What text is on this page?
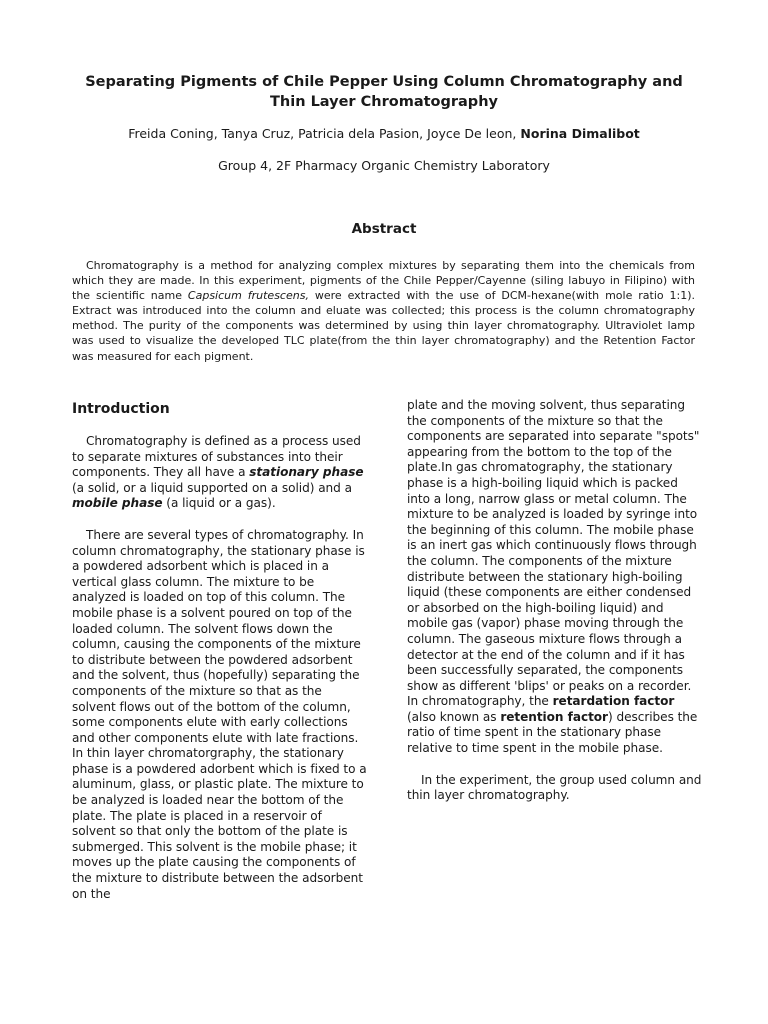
Separating Pigments of Chile Pepper Using Column Chromatography and Thin Layer Chromatography
Freida Coning, Tanya Cruz, Patricia dela Pasion, Joyce De leon, Norina Dimalibot
Group 4, 2F Pharmacy Organic Chemistry Laboratory
Abstract

Chromatography is a method for analyzing complex mixtures by separating them into the chemicals from which they are made. In this experiment, pigments of the Chile Pepper/Cayenne (siling labuyo in Filipino) with the scientific name Capsicum frutescens, were extracted with the use of DCM-hexane(with mole ratio 1:1). Extract was introduced into the column and eluate was collected; this process is the column chromatography method. The purity of the components was determined by using thin layer chromatography. Ultraviolet lamp was used to visualize the developed TLC plate(from the thin layer chromatography) and the Retention Factor was measured for each pigment.

Introduction

Chromatography is defined as a process used to separate mixtures of substances into their components. They all have a stationary phase (a solid, or a liquid supported on a solid) and a mobile phase (a liquid or a gas).

There are several types of chromatography. In column chromatography, the stationary phase is a powdered adsorbent which is placed in a vertical glass column. The mixture to be analyzed is loaded on top of this column. The mobile phase is a solvent poured on top of the loaded column. The solvent flows down the column, causing the components of the mixture to distribute between the powdered adsorbent and the solvent, thus (hopefully) separating the components of the mixture so that as the solvent flows out of the bottom of the column, some components elute with early collections and other components elute with late fractions. In thin layer chromatorgraphy, the stationary phase is a powdered adorbent which is fixed to a aluminum, glass, or plastic plate. The mixture to be analyzed is loaded near the bottom of the plate. The plate is placed in a reservoir of solvent so that only the bottom of the plate is submerged. This solvent is the mobile phase; it moves up the plate causing the components of the mixture to distribute between the adsorbent on the

plate and the moving solvent, thus separating the components of the mixture so that the components are separated into separate "spots" appearing from the bottom to the top of the plate.In gas chromatography, the stationary phase is a high-boiling liquid which is packed into a long, narrow glass or metal column. The mixture to be analyzed is loaded by syringe into the beginning of this column. The mobile phase is an inert gas which continuously flows through the column. The components of the mixture distribute between the stationary high-boiling liquid (these components are either condensed or absorbed on the high-boiling liquid) and mobile gas (vapor) phase moving through the column. The gaseous mixture flows through a detector at the end of the column and if it has been successfully separated, the components show as different 'blips' or peaks on a recorder. In chromatography, the retardation factor (also known as retention factor) describes the ratio of time spent in the stationary phase relative to time spent in the mobile phase.

In the experiment, the group used column and thin layer chromatography.
